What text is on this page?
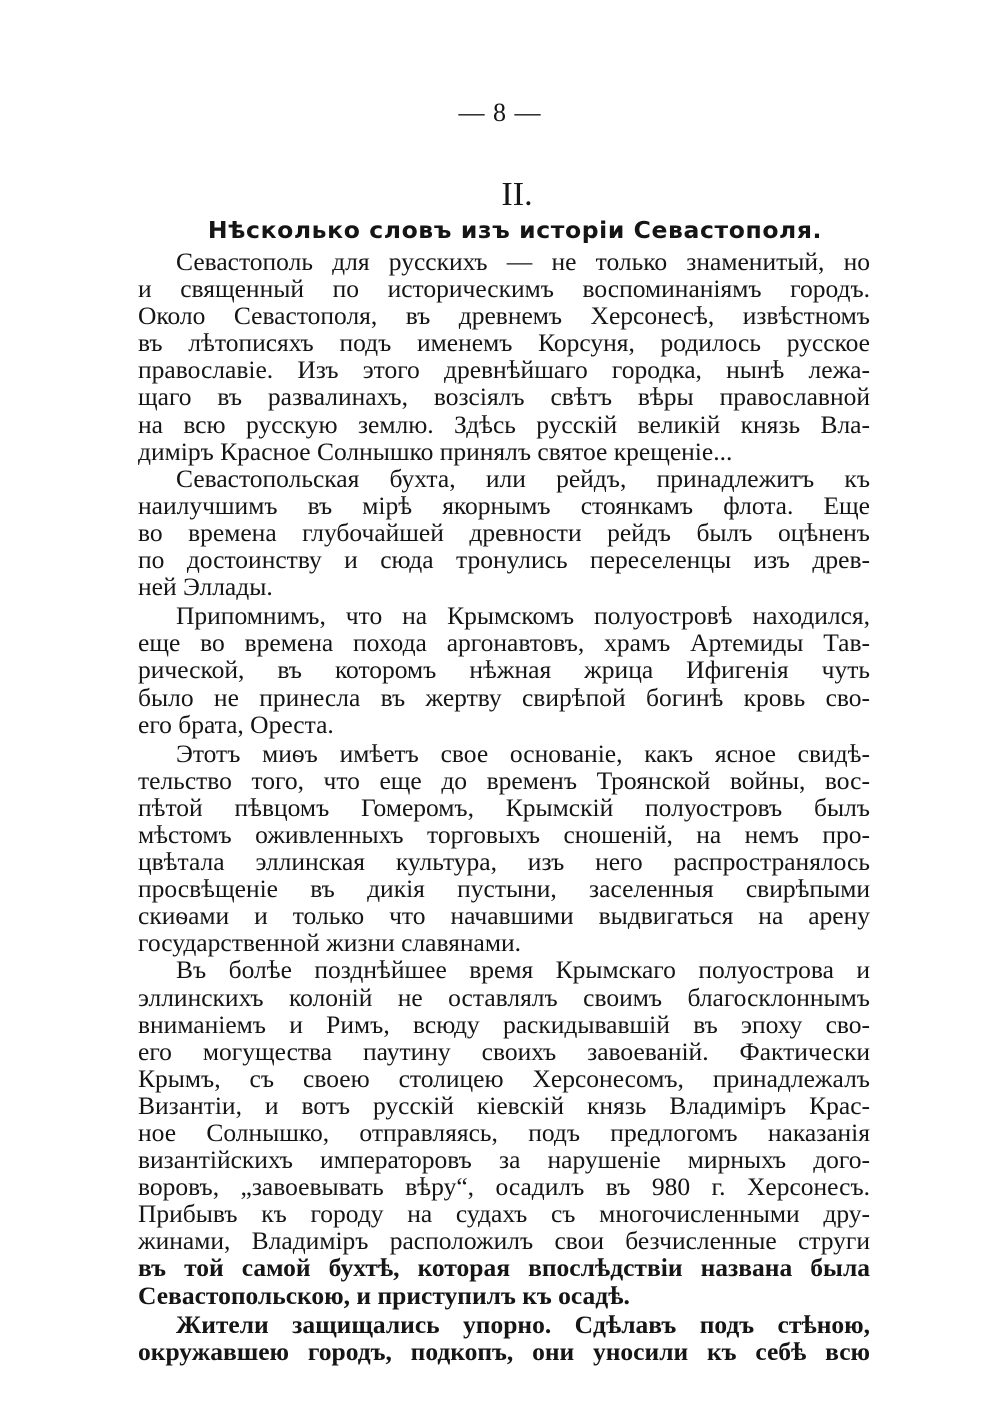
— 8 —
II.
Нѣсколько словъ изъ исторіи Севастополя.
Севастополь для русскихъ — не только знаменитый, но
и священный по историческимъ воспоминаніямъ городъ.
Около Севастополя, въ древнемъ Херсонесѣ, извѣстномъ
въ лѣтописяхъ подъ именемъ Корсуня, родилось русское
православіе. Изъ этого древнѣйшаго городка, нынѣ лежа-
щаго въ развалинахъ, возсіялъ свѣтъ вѣры православной
на всю русскую землю. Здѣсь русскій великій князь Вла-
диміръ Красное Солнышко принялъ святое крещеніе...
Севастопольская бухта, или рейдъ, принадлежитъ къ
наилучшимъ въ мірѣ якорнымъ стоянкамъ флота. Еще
во времена глубочайшей древности рейдъ былъ оцѣненъ
по достоинству и сюда тронулись переселенцы изъ древ-
ней Эллады.
Припомнимъ, что на Крымскомъ полуостровѣ находился,
еще во времена похода аргонавтовъ, храмъ Артемиды Тав-
рической, въ которомъ нѣжная жрица Ифигенія чуть
было не принесла въ жертву свирѣпой богинѣ кровь сво-
его брата, Ореста.
Этотъ миѳъ имѣетъ свое основаніе, какъ ясное свидѣ-
тельство того, что еще до временъ Троянской войны, вос-
пѣтой пѣвцомъ Гомеромъ, Крымскій полуостровъ былъ
мѣстомъ оживленныхъ торговыхъ сношеній, на немъ про-
цвѣтала эллинская культура, изъ него распространялось
просвѣщеніе въ дикія пустыни, заселенныя свирѣпыми
скиѳами и только что начавшими выдвигаться на арену
государственной жизни славянами.
Въ болѣе позднѣйшее время Крымскаго полуострова и
эллинскихъ колоній не оставлялъ своимъ благосклоннымъ
вниманіемъ и Римъ, всюду раскидывавшій въ эпоху сво-
его могущества паутину своихъ завоеваній. Фактически
Крымъ, съ своею столицею Херсонесомъ, принадлежалъ
Византіи, и вотъ русскій кіевскій князь Владиміръ Крас-
ное Солнышко, отправляясь, подъ предлогомъ наказанія
византійскихъ императоровъ за нарушеніе мирныхъ дого-
воровъ, „завоевывать вѣру“, осадилъ въ 980 г. Херсонесъ.
Прибывъ къ городу на судахъ съ многочисленными дру-
жинами, Владиміръ расположилъ свои безчисленные струги
въ той самой бухтѣ, которая впослѣдствіи названа была
Севастопольскою, и приступилъ къ осадѣ.
Жители защищались упорно. Сдѣлавъ подъ стѣною,
окружавшею городъ, подкопъ, они уносили къ себѣ всю
